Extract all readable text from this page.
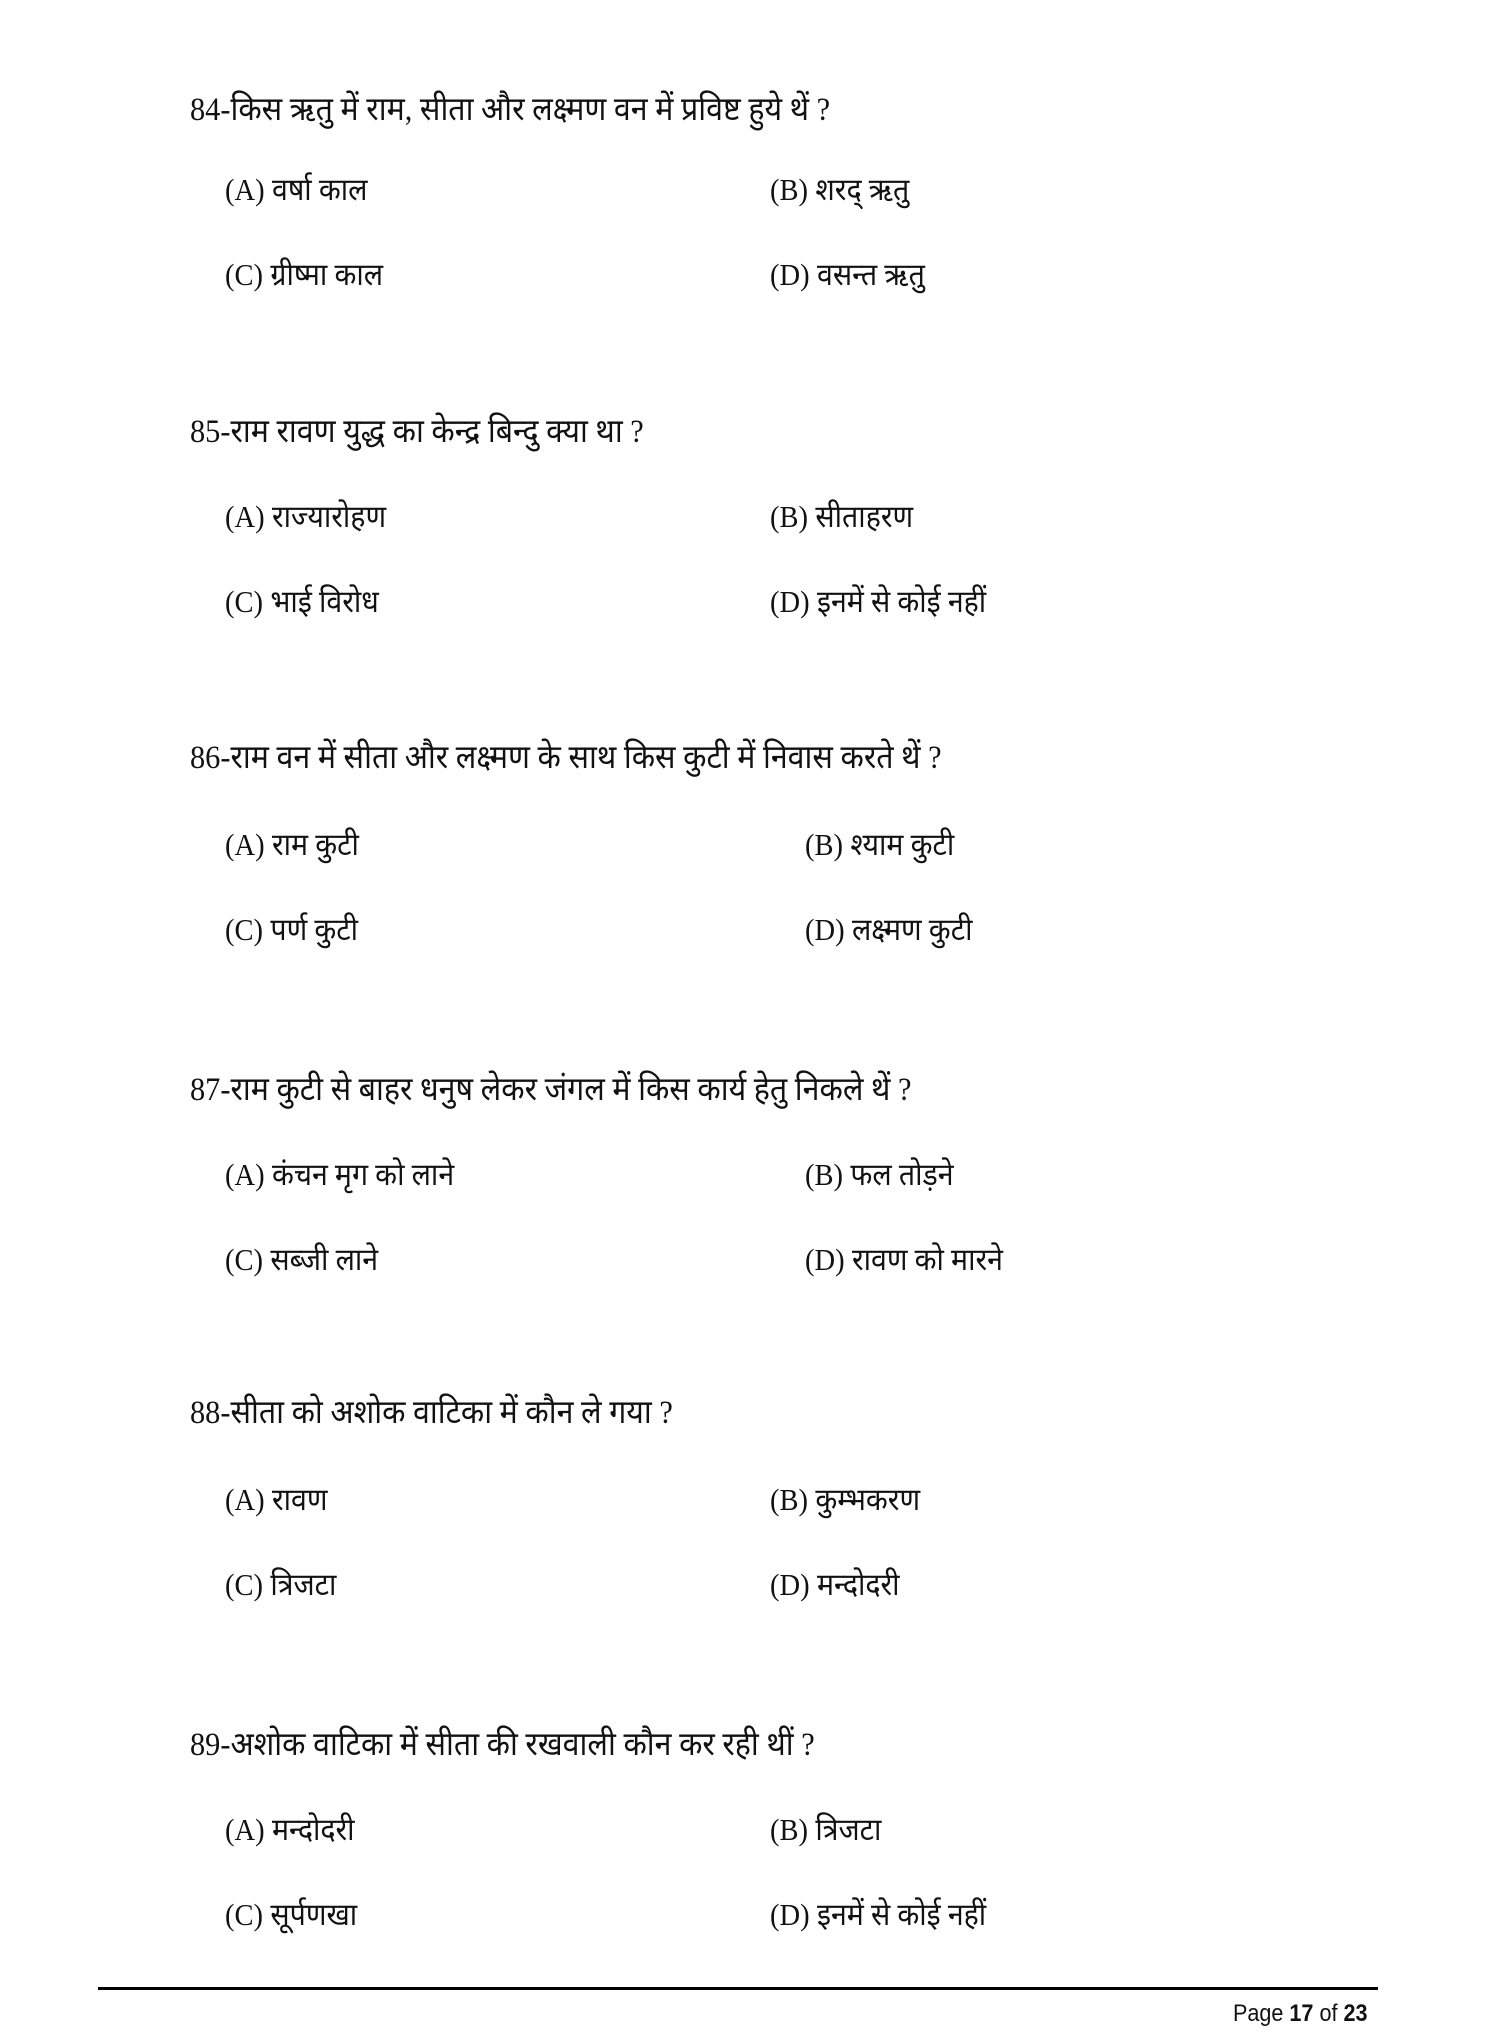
84-किस ऋतु में राम, सीता और लक्ष्मण वन में प्रविष्ट हुये थें ?
(A) वर्षा काल	(B) शरद् ऋतु
(C) ग्रीष्मा काल	(D) वसन्त ऋतु
85-राम रावण युद्ध का केन्द्र बिन्दु क्या था ?
(A) राज्यारोहण	(B) सीताहरण
(C) भाई विरोध	(D) इनमें से कोई नहीं
86-राम वन में सीता और लक्ष्मण के साथ किस कुटी में निवास करते थें ?
(A) राम कुटी	(B) श्याम कुटी
(C) पर्ण कुटी	(D) लक्ष्मण कुटी
87-राम कुटी से बाहर धनुष लेकर जंगल में किस कार्य हेतु निकले थें ?
(A) कंचन मृग को लाने	(B) फल तोड़ने
(C) सब्जी लाने	(D) रावण को मारने
88-सीता को अशोक वाटिका में कौन ले गया ?
(A) रावण	(B) कुम्भकरण
(C) त्रिजटा	(D) मन्दोदरी
89-अशोक वाटिका में सीता की रखवाली कौन कर रही थीं ?
(A) मन्दोदरी	(B) त्रिजटा
(C) सूर्पणखा	(D) इनमें से कोई नहीं
Page 17 of 23
